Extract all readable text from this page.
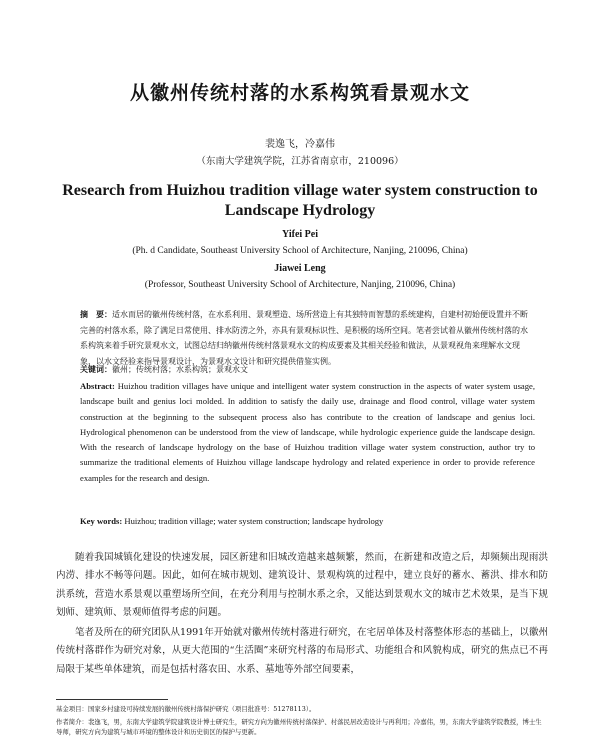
从徽州传统村落的水系构筑看景观水文
裴逸飞，冷嘉伟
（东南大学建筑学院，江苏省南京市，210096）
Research from Huizhou tradition village water system construction to Landscape Hydrology
Yifei Pei
(Ph. d Candidate, Southeast University School of Architecture, Nanjing, 210096, China)
Jiawei Leng
(Professor, Southeast University School of Architecture, Nanjing, 210096, China)
摘　要：适水而居的徽州传统村落，在水系利用、景观塑造、场所营造上有其独特而智慧的系统建构，自建村初始便设置并不断完善的村落水系，除了满足日常使用、排水防涝之外，亦具有景观标识性、是积极的场所空间。笔者尝试着从徽州传统村落的水系构筑来着手研究景观水文，试图总结归纳徽州传统村落景观水文的构成要素及其相关经验和做法，从景观视角来理解水文现象，以水文经验来指导景观设计，为景观水文设计和研究提供借鉴实例。
关键词：徽州；传统村落；水系构筑；景观水文
Abstract: Huizhou tradition villages have unique and intelligent water system construction in the aspects of water system usage, landscape built and genius loci molded. In addition to satisfy the daily use, drainage and flood control, village water system construction at the beginning to the subsequent process also has contribute to the creation of landscape and genius loci. Hydrological phenomenon can be understood from the view of landscape, while hydrologic experience guide the landscape design. With the research of landscape hydrology on the base of Huizhou tradition village water system construction, author try to summarize the traditional elements of Huizhou village landscape hydrology and related experience in order to provide reference examples for the research and design.
Key words: Huizhou; tradition village; water system construction; landscape hydrology
随着我国城镇化建设的快速发展，园区新建和旧城改造越来越频繁，然而，在新建和改造之后，却频频出现雨洪内涝、排水不畅等问题。因此，如何在城市规划、建筑设计、景观构筑的过程中，建立良好的蓄水、蓄洪、排水和防洪系统，营造水系景观以重塑场所空间，在充分利用与控制水系之余，又能达到景观水文的城市艺术效果，是当下规划师、建筑师、景观师值得考虑的问题。
笔者及所在的研究团队从1991年开始就对徽州传统村落进行研究，在宅居单体及村落整体形态的基础上，以徽州传统村落群作为研究对象，从更大范围的“生活圈”来研究村落的布局形式、功能组合和风貌构成，研究的焦点已不再局限于某些单体建筑，而是包括村落农田、水系、墓地等外部空间要素，
基金项目：国家乡村建设可持续发展的徽州传统村落保护研究（项目批准号：51278113）。
作者简介：裴逸飞，男，东南大学建筑学院建筑设计博士研究生，研究方向为徽州传统村落保护、村落民居改造设计与再利用；冷嘉伟，男，东南大学建筑学院教授，博士生导师，研究方向为建筑与城市环境的整体设计和历史街区的保护与更新。
